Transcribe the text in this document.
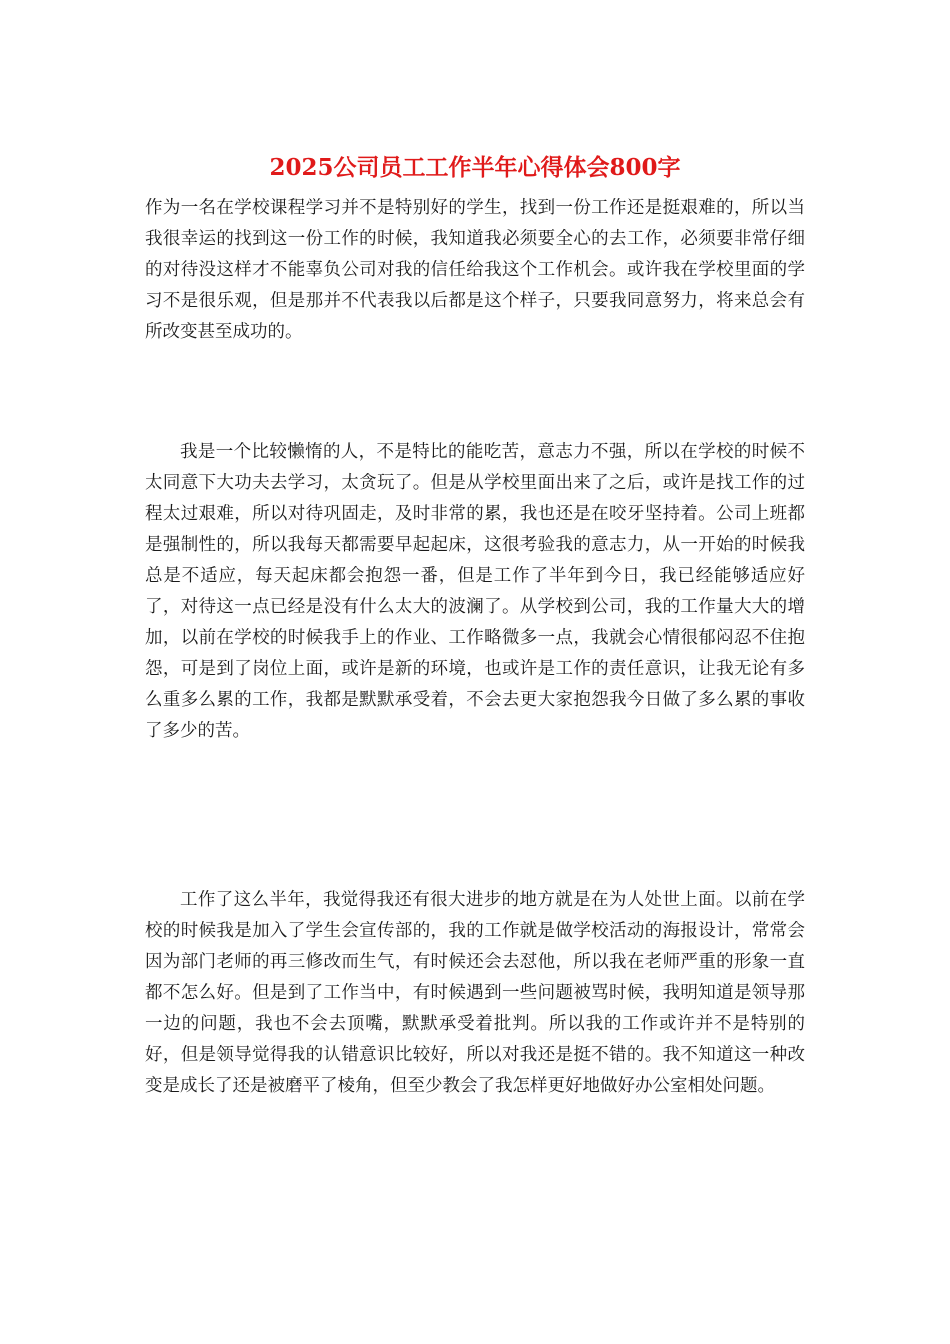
2025公司员工工作半年心得体会800字

作为一名在学校课程学习并不是特别好的学生，找到一份工作还是挺艰难的，所以当我很幸运的找到这一份工作的时候，我知道我必须要全心的去工作，必须要非常仔细的对待没这样才不能辜负公司对我的信任给我这个工作机会。或许我在学校里面的学习不是很乐观，但是那并不代表我以后都是这个样子，只要我同意努力，将来总会有所改变甚至成功的。

我是一个比较懒惰的人，不是特比的能吃苦，意志力不强，所以在学校的时候不太同意下大功夫去学习，太贪玩了。但是从学校里面出来了之后，或许是找工作的过程太过艰难，所以对待巩固走，及时非常的累，我也还是在咬牙坚持着。公司上班都是强制性的，所以我每天都需要早起起床，这很考验我的意志力，从一开始的时候我总是不适应，每天起床都会抱怨一番，但是工作了半年到今日，我已经能够适应好了，对待这一点已经是没有什么太大的波澜了。从学校到公司，我的工作量大大的增加，以前在学校的时候我手上的作业、工作略微多一点，我就会心情很郁闷忍不住抱怨，可是到了岗位上面，或许是新的环境，也或许是工作的责任意识，让我无论有多么重多么累的工作，我都是默默承受着，不会去更大家抱怨我今日做了多么累的事收了多少的苦。

工作了这么半年，我觉得我还有很大进步的地方就是在为人处世上面。以前在学校的时候我是加入了学生会宣传部的，我的工作就是做学校活动的海报设计，常常会因为部门老师的再三修改而生气，有时候还会去怼他，所以我在老师严重的形象一直都不怎么好。但是到了工作当中，有时候遇到一些问题被骂时候，我明知道是领导那一边的问题，我也不会去顶嘴，默默承受着批判。所以我的工作或许并不是特别的好，但是领导觉得我的认错意识比较好，所以对我还是挺不错的。我不知道这一种改变是成长了还是被磨平了棱角，但至少教会了我怎样更好地做好办公室相处问题。
